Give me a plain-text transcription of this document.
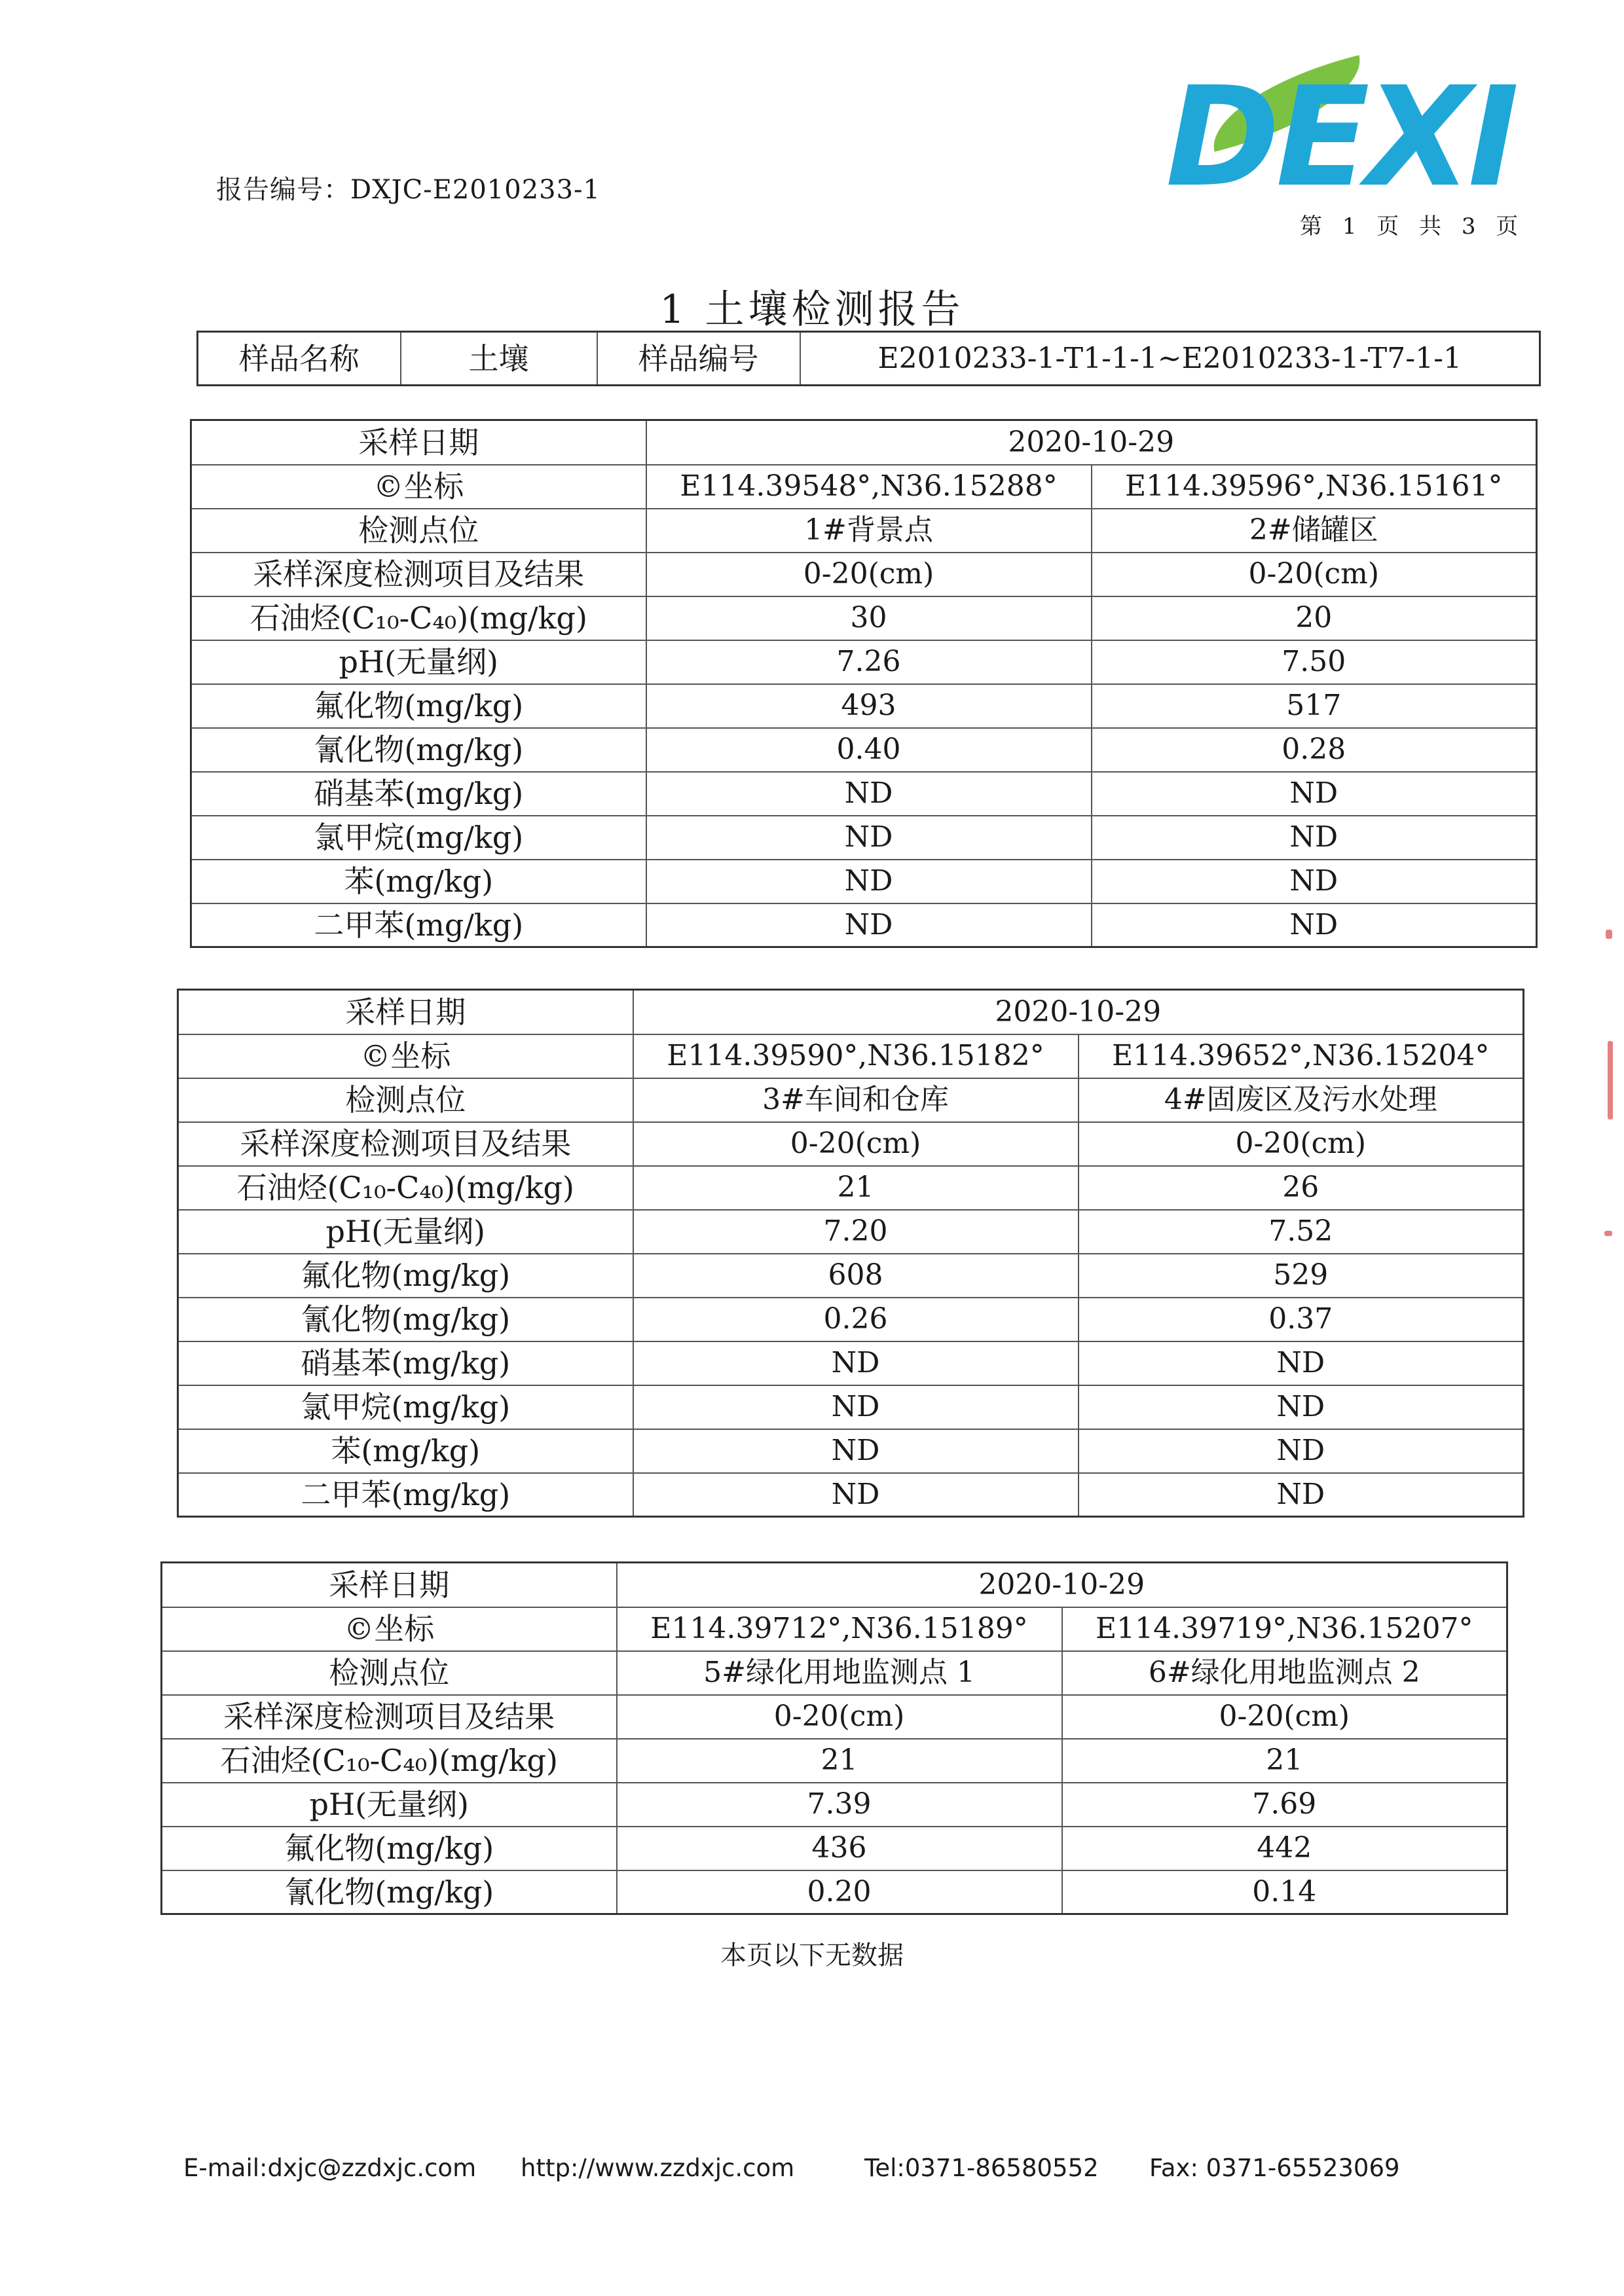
报告编号：DXJC-E2010233-1	DEXI
第 1 页 共 3 页
1 土壤检测报告
样品名称	土壤	样品编号	E2010233-1-T1-1-1~E2010233-1-T7-1-1
采样日期	2020-10-29	
©坐标	E114.39548°,N36.15288°	E114.39596°,N36.15161°
检测点位	1#背景点	2#储罐区
采样深度检测项目及结果	0-20(cm)	0-20(cm)
石油烃(C₁₀-C₄₀)(mg/kg)	30	20
pH(无量纲)	7.26	7.50
氟化物(mg/kg)	493	517
氰化物(mg/kg)	0.40	0.28
硝基苯(mg/kg)	ND	ND
氯甲烷(mg/kg)	ND	ND
苯(mg/kg)	ND	ND
二甲苯(mg/kg)	ND	ND
采样日期	2020-10-29	
©坐标	E114.39590°,N36.15182°	E114.39652°,N36.15204°
检测点位	3#车间和仓库	4#固废区及污水处理
采样深度检测项目及结果	0-20(cm)	0-20(cm)
石油烃(C₁₀-C₄₀)(mg/kg)	21	26
pH(无量纲)	7.20	7.52
氟化物(mg/kg)	608	529
氰化物(mg/kg)	0.26	0.37
硝基苯(mg/kg)	ND	ND
氯甲烷(mg/kg)	ND	ND
苯(mg/kg)	ND	ND
二甲苯(mg/kg)	ND	ND
采样日期	2020-10-29	
©坐标	E114.39712°,N36.15189°	E114.39719°,N36.15207°
检测点位	5#绿化用地监测点 1	6#绿化用地监测点 2
采样深度检测项目及结果	0-20(cm)	0-20(cm)
石油烃(C₁₀-C₄₀)(mg/kg)	21	21
pH(无量纲)	7.39	7.69
氟化物(mg/kg)	436	442
氰化物(mg/kg)	0.20	0.14
本页以下无数据
E-mail:dxjc@zzdxjc.com http://www.zzdxjc.com	Tel:0371-86580552 Fax: 0371-65523069
